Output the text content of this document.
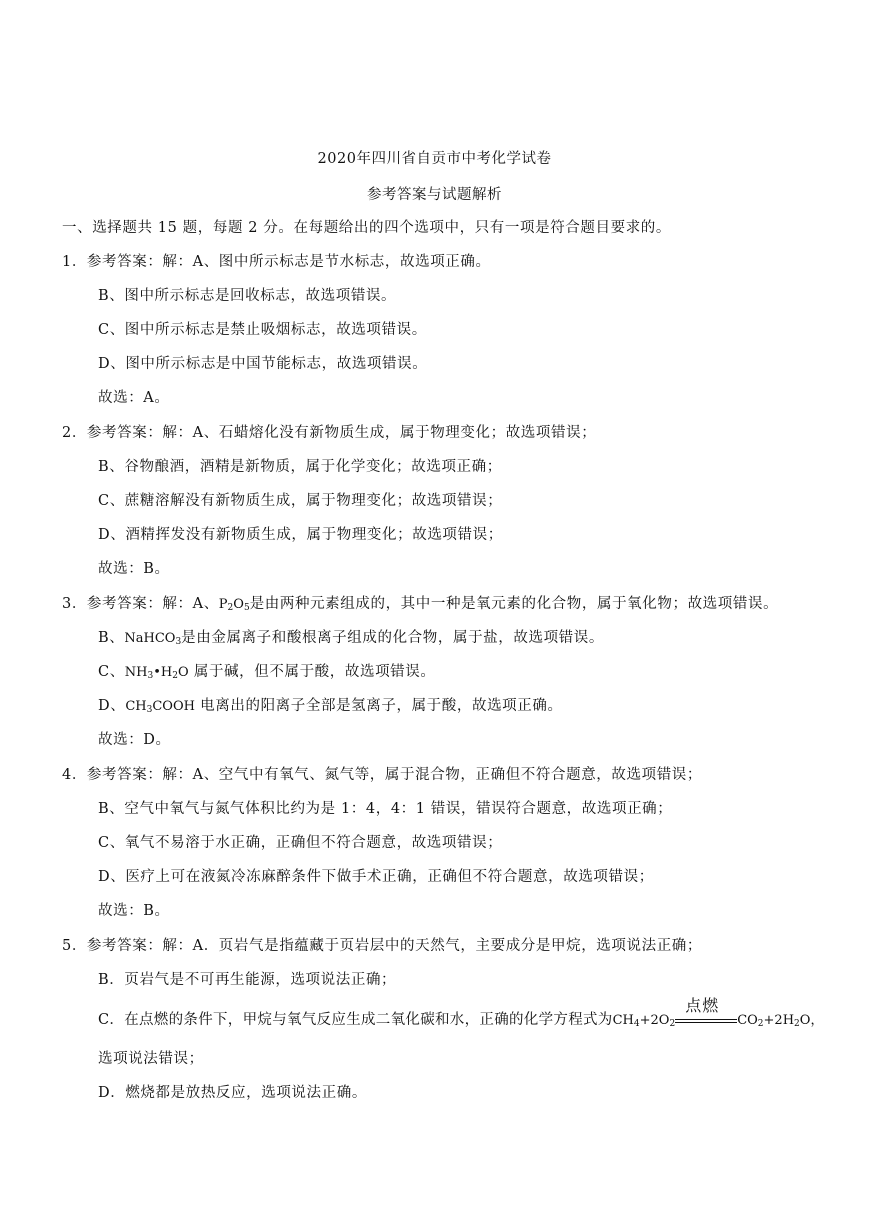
2020年四川省自贡市中考化学试卷
参考答案与试题解析
一、选择题共 15 题，每题 2 分。在每题给出的四个选项中，只有一项是符合题目要求的。
1．参考答案：解：A、图中所示标志是节水标志，故选项正确。
B、图中所示标志是回收标志，故选项错误。
C、图中所示标志是禁止吸烟标志，故选项错误。
D、图中所示标志是中国节能标志，故选项错误。
故选：A。
2．参考答案：解：A、石蜡熔化没有新物质生成，属于物理变化；故选项错误；
B、谷物酿酒，酒精是新物质，属于化学变化；故选项正确；
C、蔗糖溶解没有新物质生成，属于物理变化；故选项错误；
D、酒精挥发没有新物质生成，属于物理变化；故选项错误；
故选：B。
3．参考答案：解：A、$P_2O_5$是由两种元素组成的，其中一种是氧元素的化合物，属于氧化物；故选项错误。
B、NaHCO$_3$是由金属离子和酸根离子组成的化合物，属于盐，故选项错误。
C、$NH_3•H_2O$ 属于碱，但不属于酸，故选项错误。
D、$CH_3COOH$ 电离出的阳离子全部是氢离子，属于酸，故选项正确。
故选：D。
4．参考答案：解：A、空气中有氧气、氮气等，属于混合物，正确但不符合题意，故选项错误；
B、空气中氧气与氮气体积比约为是 1：4，4：1 错误，错误符合题意，故选项正确；
C、氧气不易溶于水正确，正确但不符合题意，故选项错误；
D、医疗上可在液氮冷冻麻醉条件下做手术正确，正确但不符合题意，故选项错误；
故选：B。
5．参考答案：解：A．页岩气是指蕴藏于页岩层中的天然气，主要成分是甲烷，选项说法正确；
B．页岩气是不可再生能源，选项说法正确；
C．在点燃的条件下，甲烷与氧气反应生成二氧化碳和水，正确的化学方程式为$CH_4+2O_2$
点燃
$CO_2+2H_2O$，
选项说法错误；
D．燃烧都是放热反应，选项说法正确。
